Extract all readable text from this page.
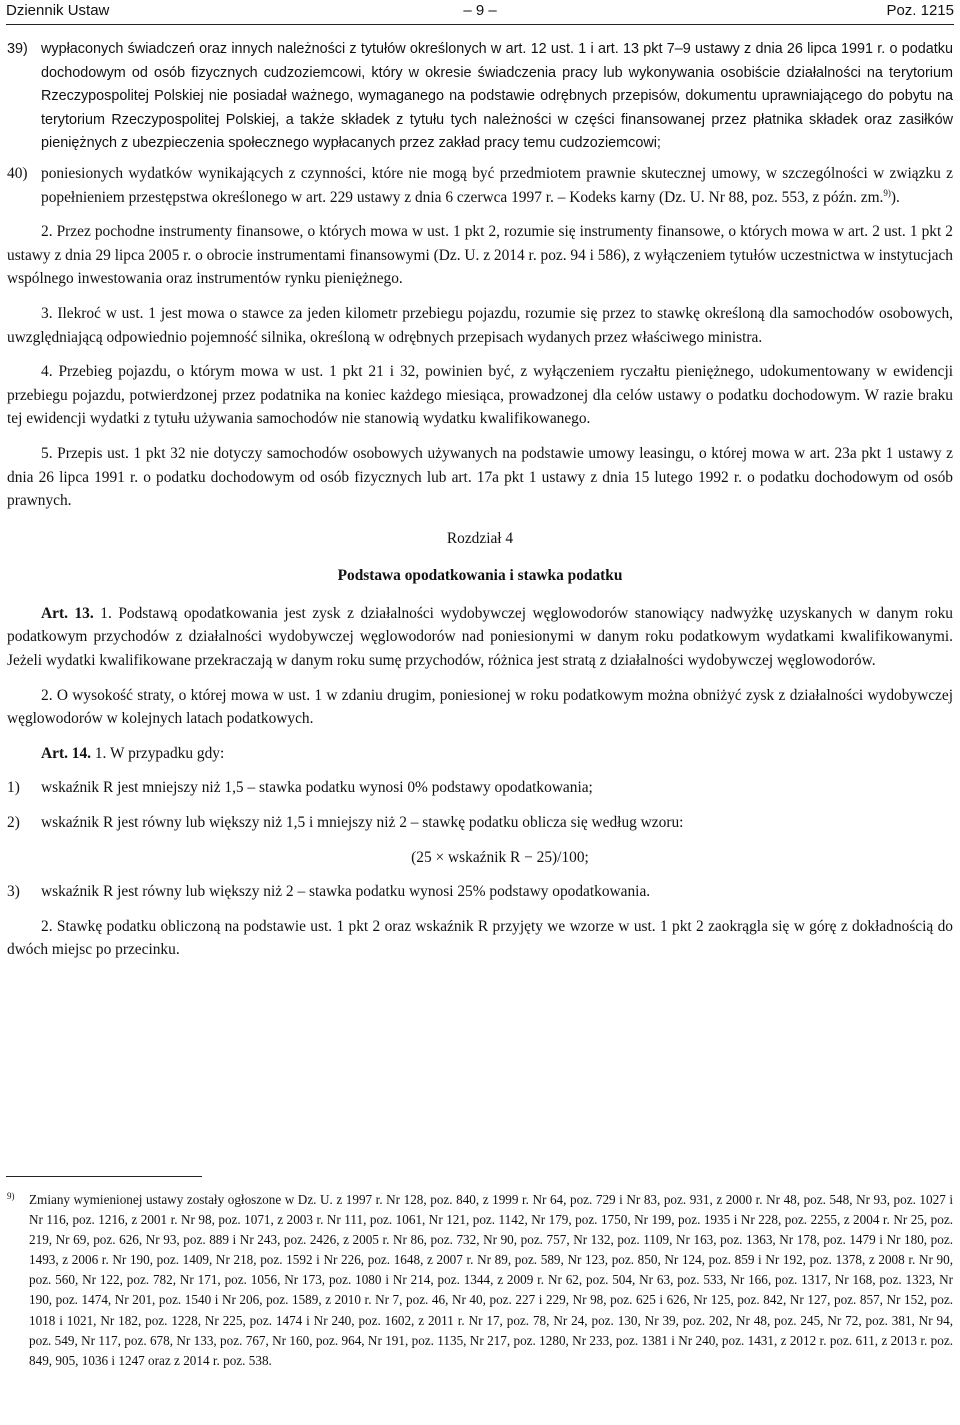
Dziennik Ustaw	– 9 –	Poz. 1215
39) wypłaconych świadczeń oraz innych należności z tytułów określonych w art. 12 ust. 1 i art. 13 pkt 7–9 ustawy z dnia 26 lipca 1991 r. o podatku dochodowym od osób fizycznych cudzoziemcowi, który w okresie świadczenia pracy lub wykonywania osobiście działalności na terytorium Rzeczypospolitej Polskiej nie posiadał ważnego, wymaganego na podstawie odrębnych przepisów, dokumentu uprawniającego do pobytu na terytorium Rzeczypospolitej Polskiej, a także składek z tytułu tych należności w części finansowanej przez płatnika składek oraz zasiłków pieniężnych z ubezpieczenia społecznego wypłacanych przez zakład pracy temu cudzoziemcowi;
40) poniesionych wydatków wynikających z czynności, które nie mogą być przedmiotem prawnie skutecznej umowy, w szczególności w związku z popełnieniem przestępstwa określonego w art. 229 ustawy z dnia 6 czerwca 1997 r. – Kodeks karny (Dz. U. Nr 88, poz. 553, z późn. zm.$^{9)}$).

2. Przez pochodne instrumenty finansowe, o których mowa w ust. 1 pkt 2, rozumie się instrumenty finansowe, o których mowa w art. 2 ust. 1 pkt 2 ustawy z dnia 29 lipca 2005 r. o obrocie instrumentami finansowymi (Dz. U. z 2014 r. poz. 94 i 586), z wyłączeniem tytułów uczestnictwa w instytucjach wspólnego inwestowania oraz instrumentów rynku pieniężnego.

3. Ilekroć w ust. 1 jest mowa o stawce za jeden kilometr przebiegu pojazdu, rozumie się przez to stawkę określoną dla samochodów osobowych, uwzględniającą odpowiednio pojemność silnika, określoną w odrębnych przepisach wydanych przez właściwego ministra.

4. Przebieg pojazdu, o którym mowa w ust. 1 pkt 21 i 32, powinien być, z wyłączeniem ryczałtu pieniężnego, udokumentowany w ewidencji przebiegu pojazdu, potwierdzonej przez podatnika na koniec każdego miesiąca, prowadzonej dla celów ustawy o podatku dochodowym. W razie braku tej ewidencji wydatki z tytułu używania samochodów nie stanowią wydatku kwalifikowanego.

5. Przepis ust. 1 pkt 32 nie dotyczy samochodów osobowych używanych na podstawie umowy leasingu, o której mowa w art. 23a pkt 1 ustawy z dnia 26 lipca 1991 r. o podatku dochodowym od osób fizycznych lub art. 17a pkt 1 ustawy z dnia 15 lutego 1992 r. o podatku dochodowym od osób prawnych.

Rozdział 4
Podstawa opodatkowania i stawka podatku

Art. 13. 1. Podstawą opodatkowania jest zysk z działalności wydobywczej węglowodorów stanowiący nadwyżkę uzyskanych w danym roku podatkowym przychodów z działalności wydobywczej węglowodorów nad poniesionymi w danym roku podatkowym wydatkami kwalifikowanymi. Jeżeli wydatki kwalifikowane przekraczają w danym roku sumę przychodów, różnica jest stratą z działalności wydobywczej węglowodorów.

2. O wysokość straty, o której mowa w ust. 1 w zdaniu drugim, poniesionej w roku podatkowym można obniżyć zysk z działalności wydobywczej węglowodorów w kolejnych latach podatkowych.

Art. 14. 1. W przypadku gdy:

1) wskaźnik R jest mniejszy niż 1,5 – stawka podatku wynosi 0% podstawy opodatkowania;
2) wskaźnik R jest równy lub większy niż 1,5 i mniejszy niż 2 – stawkę podatku oblicza się według wzoru:

(25 × wskaźnik R − 25)/100;

3) wskaźnik R jest równy lub większy niż 2 – stawka podatku wynosi 25% podstawy opodatkowania.

2. Stawkę podatku obliczoną na podstawie ust. 1 pkt 2 oraz wskaźnik R przyjęty we wzorze w ust. 1 pkt 2 zaokrągla się w górę z dokładnością do dwóch miejsc po przecinku.

9)	Zmiany wymienionej ustawy zostały ogłoszone w Dz. U. z 1997 r. Nr 128, poz. 840, z 1999 r. Nr 64, poz. 729 i Nr 83, poz. 931, z 2000 r. Nr 48, poz. 548, Nr 93, poz. 1027 i Nr 116, poz. 1216, z 2001 r. Nr 98, poz. 1071, z 2003 r. Nr 111, poz. 1061, Nr 121, poz. 1142, Nr 179, poz. 1750, Nr 199, poz. 1935 i Nr 228, poz. 2255, z 2004 r. Nr 25, poz. 219, Nr 69, poz. 626, Nr 93, poz. 889 i Nr 243, poz. 2426, z 2005 r. Nr 86, poz. 732, Nr 90, poz. 757, Nr 132, poz. 1109, Nr 163, poz. 1363, Nr 178, poz. 1479 i Nr 180, poz. 1493, z 2006 r. Nr 190, poz. 1409, Nr 218, poz. 1592 i Nr 226, poz. 1648, z 2007 r. Nr 89, poz. 589, Nr 123, poz. 850, Nr 124, poz. 859 i Nr 192, poz. 1378, z 2008 r. Nr 90, poz. 560, Nr 122, poz. 782, Nr 171, poz. 1056, Nr 173, poz. 1080 i Nr 214, poz. 1344, z 2009 r. Nr 62, poz. 504, Nr 63, poz. 533, Nr 166, poz. 1317, Nr 168, poz. 1323, Nr 190, poz. 1474, Nr 201, poz. 1540 i Nr 206, poz. 1589, z 2010 r. Nr 7, poz. 46, Nr 40, poz. 227 i 229, Nr 98, poz. 625 i 626, Nr 125, poz. 842, Nr 127, poz. 857, Nr 152, poz. 1018 i 1021, Nr 182, poz. 1228, Nr 225, poz. 1474 i Nr 240, poz. 1602, z 2011 r. Nr 17, poz. 78, Nr 24, poz. 130, Nr 39, poz. 202, Nr 48, poz. 245, Nr 72, poz. 381, Nr 94, poz. 549, Nr 117, poz. 678, Nr 133, poz. 767, Nr 160, poz. 964, Nr 191, poz. 1135, Nr 217, poz. 1280, Nr 233, poz. 1381 i Nr 240, poz. 1431, z 2012 r. poz. 611, z 2013 r. poz. 849, 905, 1036 i 1247 oraz z 2014 r. poz. 538.
